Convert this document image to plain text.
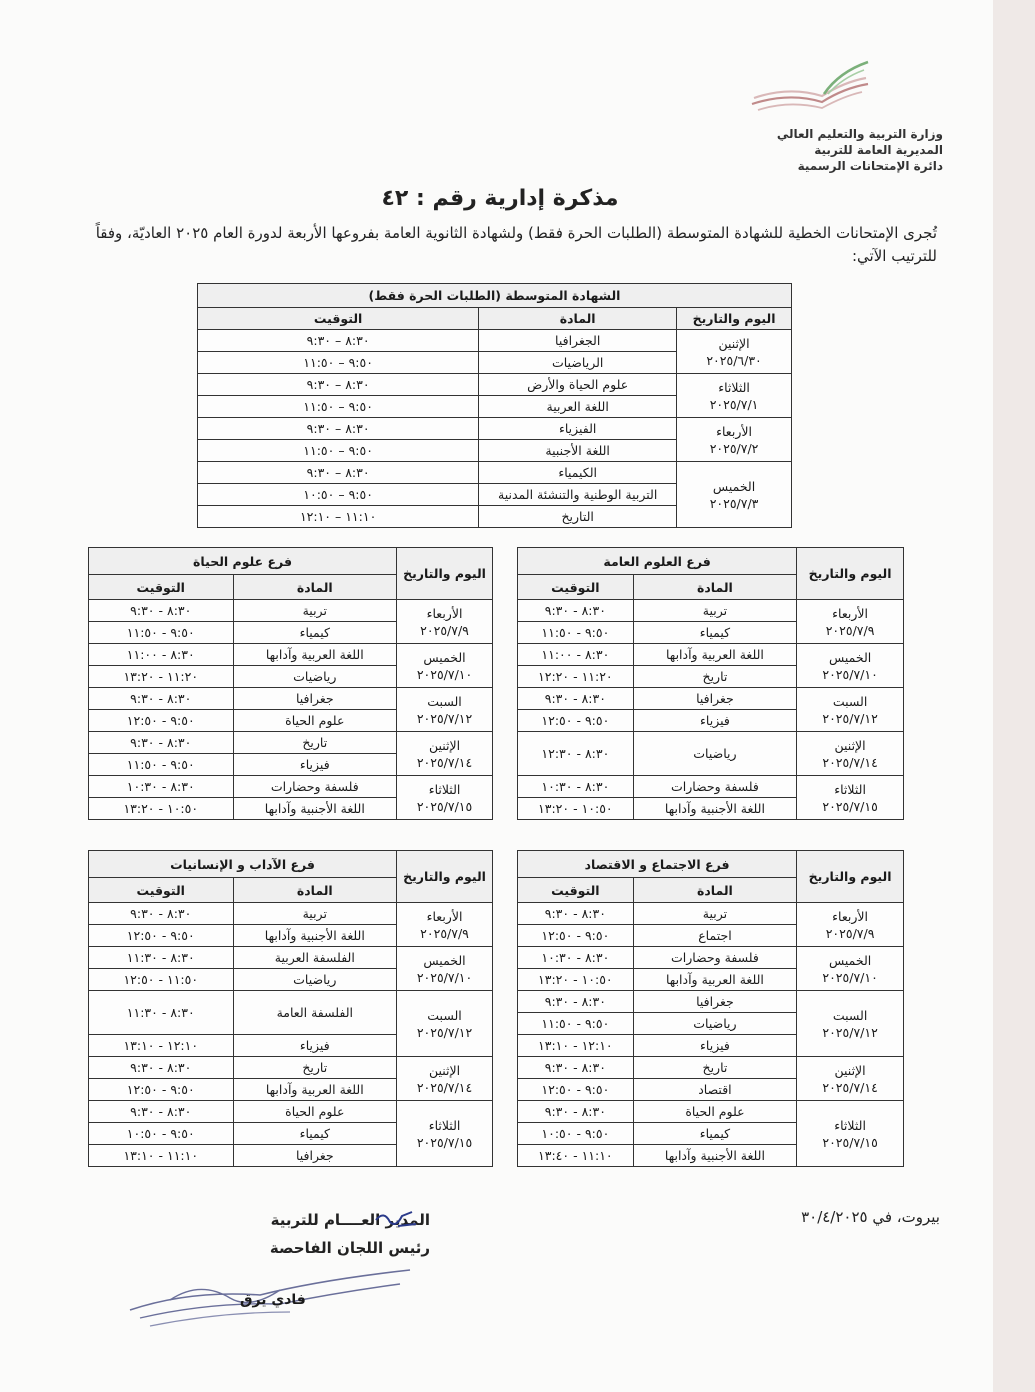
وزارة التربية والتعليم العالي
المديرية العامة للتربية
دائرة الإمتحانات الرسمية
مذكرة إدارية رقم : ٤٢
تُجرى الإمتحانات الخطية للشهادة المتوسطة (الطلبات الحرة فقط) ولشهادة الثانوية العامة بفروعها الأربعة لدورة العام ٢٠٢٥ العاديّة، وفقاً للترتيب الآتي:
الشهادة المتوسطة (الطلبات الحرة فقط)		
اليوم والتاريخ	المادة	التوقيت

الإثنين
٢٠٢٥/٦/٣٠	الجغرافيا	٨:٣٠ – ٩:٣٠
	الرياضيات	٩:٥٠ – ١١:٥٠

الثلاثاء
٢٠٢٥/٧/١	علوم الحياة والأرض	٨:٣٠ – ٩:٣٠
	اللغة العربية	٩:٥٠ – ١١:٥٠

الأربعاء
٢٠٢٥/٧/٢	الفيزياء	٨:٣٠ – ٩:٣٠
	اللغة الأجنبية	٩:٥٠ – ١١:٥٠

الخميس
٢٠٢٥/٧/٣	الكيمياء	٨:٣٠ – ٩:٣٠
	التربية الوطنية والتنشئة المدنية	٩:٥٠ – ١٠:٥٠
	التاريخ	١١:١٠ – ١٢:١٠
اليوم والتاريخ	فرع العلوم العامة	
	المادة	التوقيت

الأربعاء
٢٠٢٥/٧/٩	تربية	٨:٣٠ - ٩:٣٠
	كيمياء	٩:٥٠ - ١١:٥٠

الخميس
٢٠٢٥/٧/١٠	اللغة العربية وآدابها	٨:٣٠ - ١١:٠٠
	تاريخ	١١:٢٠ - ١٢:٢٠

السبت
٢٠٢٥/٧/١٢	جغرافيا	٨:٣٠ - ٩:٣٠
	فيزياء	٩:٥٠ - ١٢:٥٠

الإثنين
٢٠٢٥/٧/١٤	رياضيات	٨:٣٠ - ١٢:٣٠

الثلاثاء
٢٠٢٥/٧/١٥	فلسفة وحضارات	٨:٣٠ - ١٠:٣٠
	اللغة الأجنبية وآدابها	١٠:٥٠ - ١٣:٢٠
اليوم والتاريخ	فرع علوم الحياة	
	المادة	التوقيت

الأربعاء
٢٠٢٥/٧/٩	تربية	٨:٣٠ - ٩:٣٠
	كيمياء	٩:٥٠ - ١١:٥٠

الخميس
٢٠٢٥/٧/١٠	اللغة العربية وآدابها	٨:٣٠ - ١١:٠٠
	رياضيات	١١:٢٠ - ١٣:٢٠

السبت
٢٠٢٥/٧/١٢	جغرافيا	٨:٣٠ - ٩:٣٠
	علوم الحياة	٩:٥٠ - ١٢:٥٠

الإثنين
٢٠٢٥/٧/١٤	تاريخ	٨:٣٠ - ٩:٣٠
	فيزياء	٩:٥٠ - ١١:٥٠

الثلاثاء
٢٠٢٥/٧/١٥	فلسفة وحضارات	٨:٣٠ - ١٠:٣٠
	اللغة الأجنبية وآدابها	١٠:٥٠ - ١٣:٢٠
اليوم والتاريخ	فرع الاجتماع و الاقتصاد	
	المادة	التوقيت

الأربعاء
٢٠٢٥/٧/٩	تربية	٨:٣٠ - ٩:٣٠
	اجتماع	٩:٥٠ - ١٢:٥٠

الخميس
٢٠٢٥/٧/١٠	فلسفة وحضارات	٨:٣٠ - ١٠:٣٠
	اللغة العربية وآدابها	١٠:٥٠ - ١٣:٢٠

السبت
٢٠٢٥/٧/١٢	جغرافيا	٨:٣٠ - ٩:٣٠
	رياضيات	٩:٥٠ - ١١:٥٠
	فيزياء	١٢:١٠ - ١٣:١٠

الإثنين
٢٠٢٥/٧/١٤	تاريخ	٨:٣٠ - ٩:٣٠
	اقتصاد	٩:٥٠ - ١٢:٥٠

الثلاثاء
٢٠٢٥/٧/١٥	علوم الحياة	٨:٣٠ - ٩:٣٠
	كيمياء	٩:٥٠ - ١٠:٥٠
	اللغة الأجنبية وآدابها	١١:١٠ - ١٣:٤٠
اليوم والتاريخ	فرع الآداب و الإنسانيات	
	المادة	التوقيت

الأربعاء
٢٠٢٥/٧/٩	تربية	٨:٣٠ - ٩:٣٠
	اللغة الأجنبية وآدابها	٩:٥٠ - ١٢:٥٠

الخميس
٢٠٢٥/٧/١٠	الفلسفة العربية	٨:٣٠ - ١١:٣٠
	رياضيات	١١:٥٠ - ١٢:٥٠

السبت
٢٠٢٥/٧/١٢	الفلسفة العامة	٨:٣٠ - ١١:٣٠
	فيزياء	١٢:١٠ - ١٣:١٠

الإثنين
٢٠٢٥/٧/١٤	تاريخ	٨:٣٠ - ٩:٣٠
	اللغة العربية وآدابها	٩:٥٠ - ١٢:٥٠

الثلاثاء
٢٠٢٥/٧/١٥	علوم الحياة	٨:٣٠ - ٩:٣٠
	كيمياء	٩:٥٠ - ١٠:٥٠
	جغرافيا	١١:١٠ - ١٣:١٠
بيروت، في ٣٠/٤/٢٠٢٥
المدير العــــام للتربية
رئيس اللجان الفاحصة
فادي يرق
